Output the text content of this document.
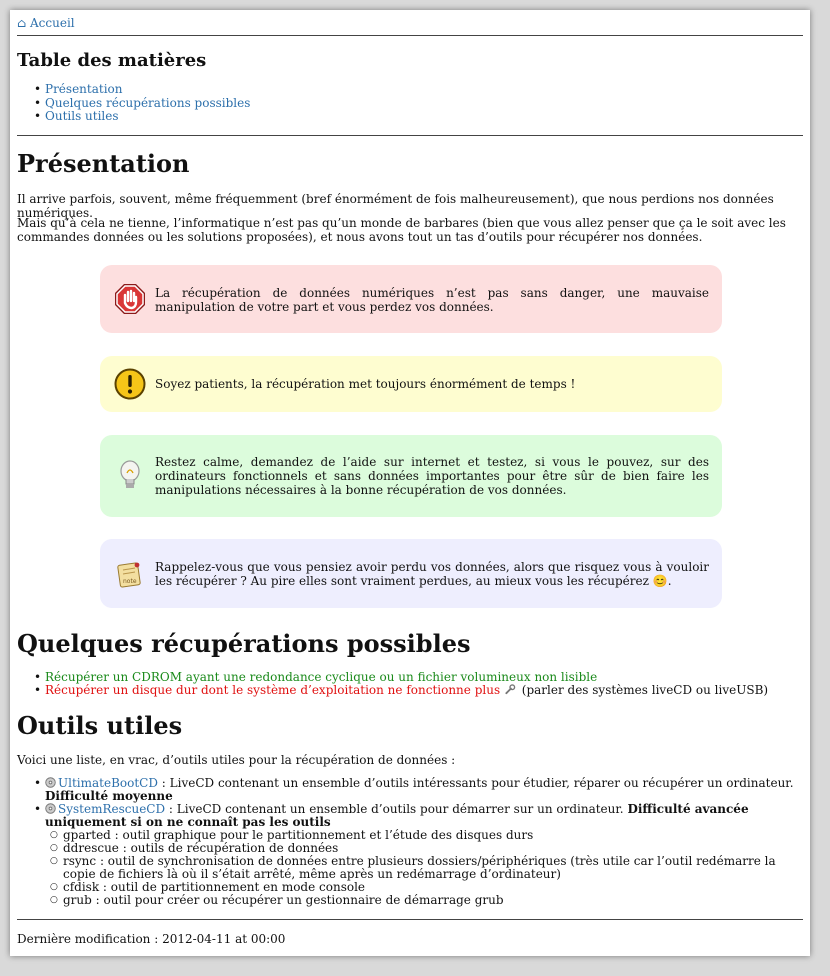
⌂ Accueil
Table des matières
• Présentation
• Quelques récupérations possibles
• Outils utiles
Présentation

Il arrive parfois, souvent, même fréquemment (bref énormément de fois malheureusement), que nous perdions nos données numériques.

Mais qu’à cela ne tienne, l’informatique n’est pas qu’un monde de barbares (bien que vous allez penser que ça le soit avec les commandes données ou les solutions proposées), et nous avons tout un tas d’outils pour récupérer nos données.

La récupération de données numériques n’est pas sans danger, une mauvaise manipulation de votre part et vous perdez vos données.
Soyez patients, la récupération met toujours énormément de temps !
Restez calme, demandez de l’aide sur internet et testez, si vous le pouvez, sur des ordinateurs fonctionnels et sans données importantes pour être sûr de bien faire les manipulations nécessaires à la bonne récupération de vos données.
note
Rappelez-vous que vous pensiez avoir perdu vos données, alors que risquez vous à vouloir les récupérer ? Au pire elles sont vraiment perdues, au mieux vous les récupérez 😊.
Quelques récupérations possibles
• Récupérer un CDROM ayant une redondance cyclique ou un fichier volumineux non lisible
• Récupérer un disque dur dont le système d’exploitation ne fonctionne plus (parler des systèmes liveCD ou liveUSB)
Outils utiles

Voici une liste, en vrac, d’outils utiles pour la récupération de données :

• UltimateBootCD : LiveCD contenant un ensemble d’outils intéressants pour étudier, réparer ou récupérer un ordinateur. Difficulté moyenne
• SystemRescueCD : LiveCD contenant un ensemble d’outils pour démarrer sur un ordinateur. Difficulté avancée uniquement si on ne connaît pas les outils
○ gparted : outil graphique pour le partitionnement et l’étude des disques durs
○ ddrescue : outils de récupération de données
○ rsync : outil de synchronisation de données entre plusieurs dossiers/périphériques (très utile car l’outil redémarre la copie de fichiers là où il s’était arrêté, même après un redémarrage d’ordinateur)
○ cfdisk : outil de partitionnement en mode console
○ grub : outil pour créer ou récupérer un gestionnaire de démarrage grub
Dernière modification : 2012-04-11 at 00:00
